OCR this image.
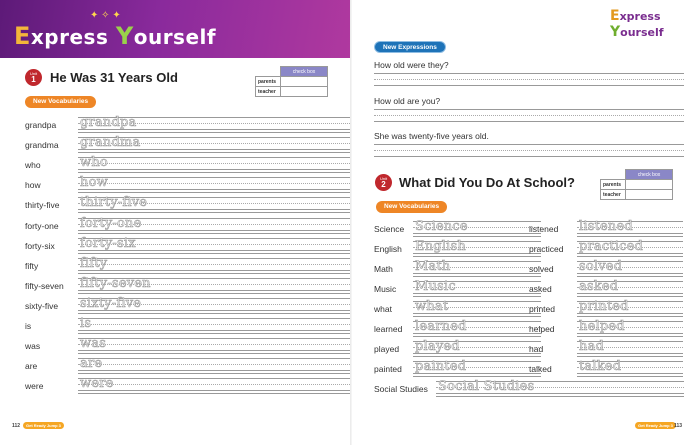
✦ ✧ ✦
Express Yourself
Unit
1	He Was 31 Years Old
		check box
parents	
teacher	
New Vocabularies
grandpa grandpa
grandma grandma
who	who
how	how
thirty-five thirty-five
forty-one forty-one
forty-six forty-six
fifty	fifty
fifty-seven fifty-seven
sixty-five sixty-five
is	is
was	was
are	are
were	were
112	Get Ready Jump 3
Express Yourself
New Expressions
How old were they?
How old are you?
She was twenty-five years old.
Unit
2	What Did You Do At School?
	check box
parents	
teacher	
New Vocabularies
Science Science
English English
Math Math
Music Music
what what
learned learned
played played
painted painted
listened listened
practiced practiced
solved solved
asked asked
printed printed
helped helped
had	had
talked talked
Social Studies Social Studies
Get Ready Jump 3 113
